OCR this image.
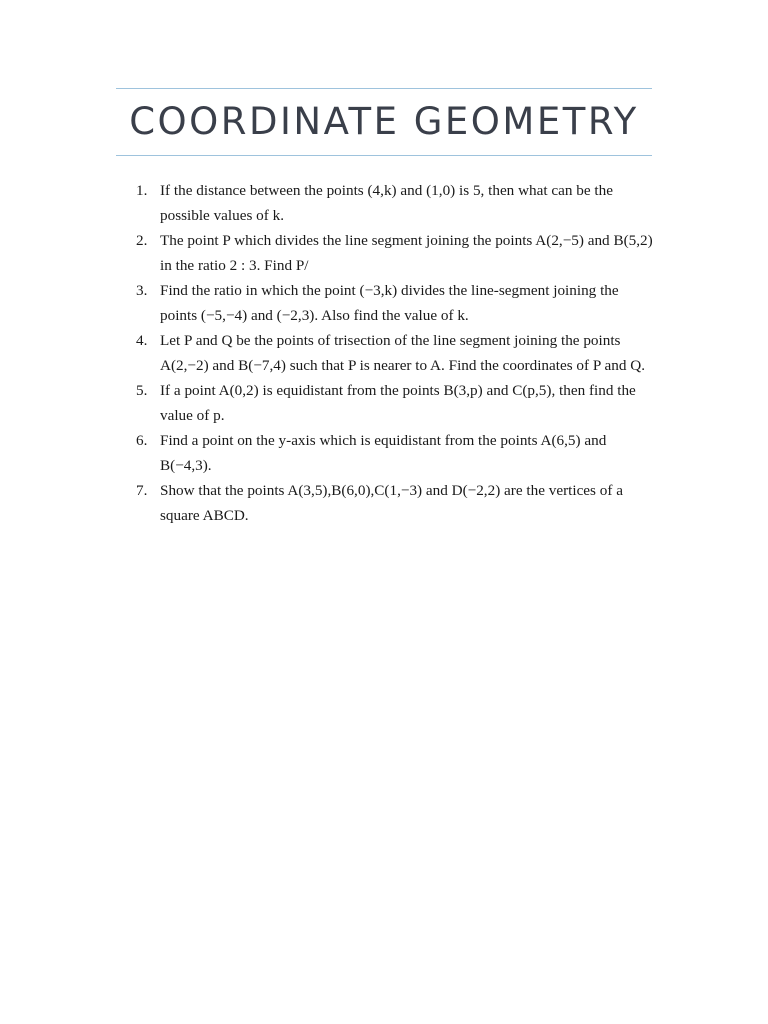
COORDINATE GEOMETRY
1. If the distance between the points (4,k) and (1,0) is 5, then what can be the possible values of k.
2. The point P which divides the line segment joining the points A(2,−5) and B(5,2) in the ratio 2 : 3. Find P/
3. Find the ratio in which the point (−3,k) divides the line-segment joining the points (−5,−4) and (−2,3). Also find the value of k.
4. Let P and Q be the points of trisection of the line segment joining the points A(2,−2) and B(−7,4) such that P is nearer to A. Find the coordinates of P and Q.
5. If a point A(0,2) is equidistant from the points B(3,p) and C(p,5), then find the value of p.
6. Find a point on the y-axis which is equidistant from the points A(6,5) and B(−4,3).
7. Show that the points A(3,5),B(6,0),C(1,−3) and D(−2,2) are the vertices of a square ABCD.
